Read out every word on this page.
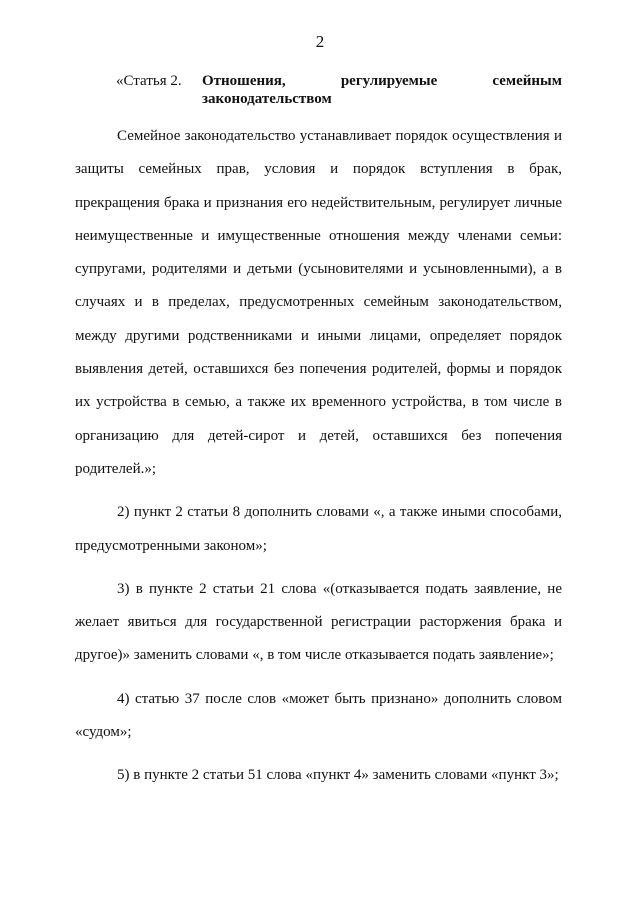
2
«Статья 2. Отношения, регулируемые семейным
законодательством

Семейное законодательство устанавливает порядок осуществления и защиты семейных прав, условия и порядок вступления в брак, прекращения брака и признания его недействительным, регулирует личные неимущественные и имущественные отношения между членами семьи: супругами, родителями и детьми (усыновителями и усыновленными), а в случаях и в пределах, предусмотренных семейным законодательством, между другими родственниками и иными лицами, определяет порядок выявления детей, оставшихся без попечения родителей, формы и порядок их устройства в семью, а также их временного устройства, в том числе в организацию для детей-сирот и детей, оставшихся без попечения родителей.»;

2) пункт 2 статьи 8 дополнить словами «, а также иными способами, предусмотренными законом»;

3) в пункте 2 статьи 21 слова «(отказывается подать заявление, не желает явиться для государственной регистрации расторжения брака и другое)» заменить словами «, в том числе отказывается подать заявление»;

4) статью 37 после слов «может быть признано» дополнить словом «судом»;

5) в пункте 2 статьи 51 слова «пункт 4» заменить словами «пункт 3»;
